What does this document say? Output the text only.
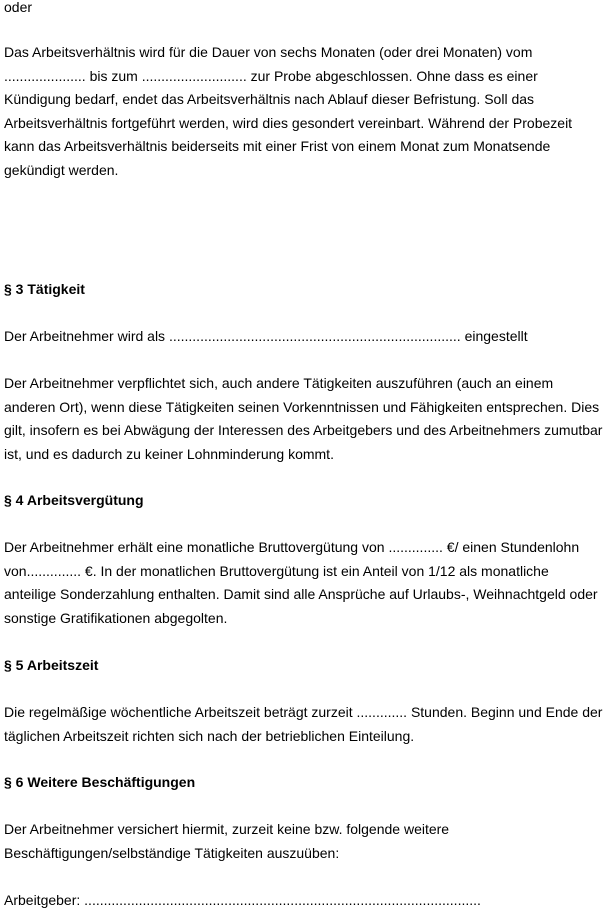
oder

Das Arbeitsverhältnis wird für die Dauer von sechs Monaten (oder drei Monaten) vom ..................... bis zum ........................... zur Probe abgeschlossen. Ohne dass es einer Kündigung bedarf, endet das Arbeitsverhältnis nach Ablauf dieser Befristung. Soll das Arbeitsverhältnis fortgeführt werden, wird dies gesondert vereinbart. Während der Probezeit kann das Arbeitsverhältnis beiderseits mit einer Frist von einem Monat zum Monatsende gekündigt werden.

§ 3 Tätigkeit

Der Arbeitnehmer wird als ........................................................................... eingestellt

Der Arbeitnehmer verpflichtet sich, auch andere Tätigkeiten auszuführen (auch an einem anderen Ort), wenn diese Tätigkeiten seinen Vorkenntnissen und Fähigkeiten entsprechen. Dies gilt, insofern es bei Abwägung der Interessen des Arbeitgebers und des Arbeitnehmers zumutbar ist, und es dadurch zu keiner Lohnminderung kommt.

§ 4 Arbeitsvergütung

Der Arbeitnehmer erhält eine monatliche Bruttovergütung von .............. €/ einen Stundenlohn von.............. €. In der monatlichen Bruttovergütung ist ein Anteil von 1/12 als monatliche anteilige Sonderzahlung enthalten. Damit sind alle Ansprüche auf Urlaubs-, Weihnachtgeld oder sonstige Gratifikationen abgegolten.

§ 5 Arbeitszeit

Die regelmäßige wöchentliche Arbeitszeit beträgt zurzeit ............. Stunden. Beginn und Ende der täglichen Arbeitszeit richten sich nach der betrieblichen Einteilung.

§ 6 Weitere Beschäftigungen

Der Arbeitnehmer versichert hiermit, zurzeit keine bzw. folgende weitere Beschäftigungen/selbständige Tätigkeiten auszuüben:

Arbeitgeber: ......................................................................................................
